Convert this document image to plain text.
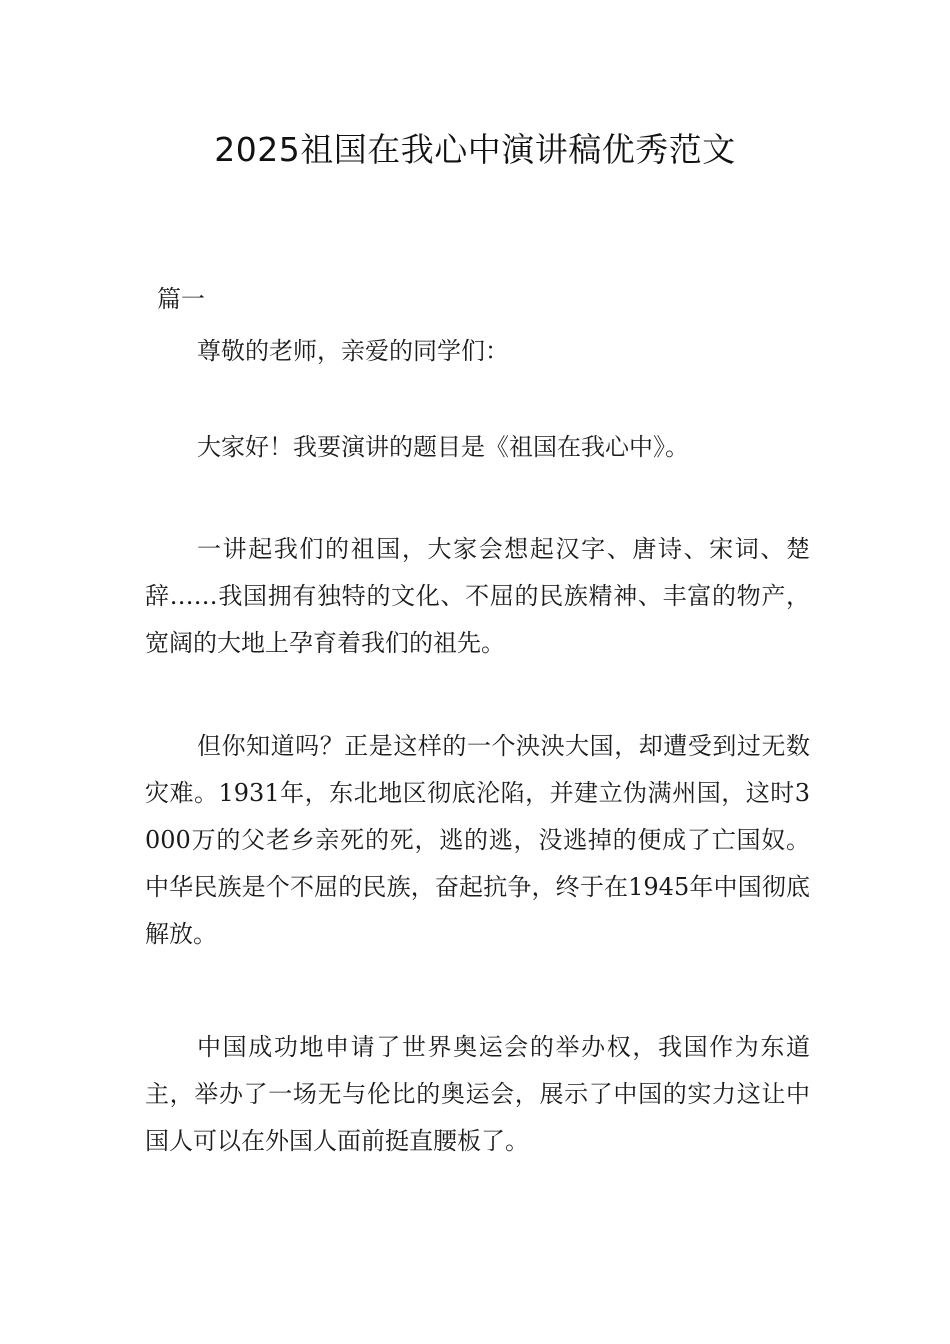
2025祖国在我心中演讲稿优秀范文
篇一

尊敬的老师，亲爱的同学们：

大家好！我要演讲的题目是《祖国在我心中》。

一讲起我们的祖国，大家会想起汉字、唐诗、宋词、楚辞……我国拥有独特的文化、不屈的民族精神、丰富的物产，宽阔的大地上孕育着我们的祖先。

但你知道吗？正是这样的一个泱泱大国，却遭受到过无数灾难。1931年，东北地区彻底沦陷，并建立伪满州国，这时3000万的父老乡亲死的死，逃的逃，没逃掉的便成了亡国奴。中华民族是个不屈的民族，奋起抗争，终于在1945年中国彻底解放。

中国成功地申请了世界奥运会的举办权，我国作为东道主，举办了一场无与伦比的奥运会，展示了中国的实力这让中国人可以在外国人面前挺直腰板了。
